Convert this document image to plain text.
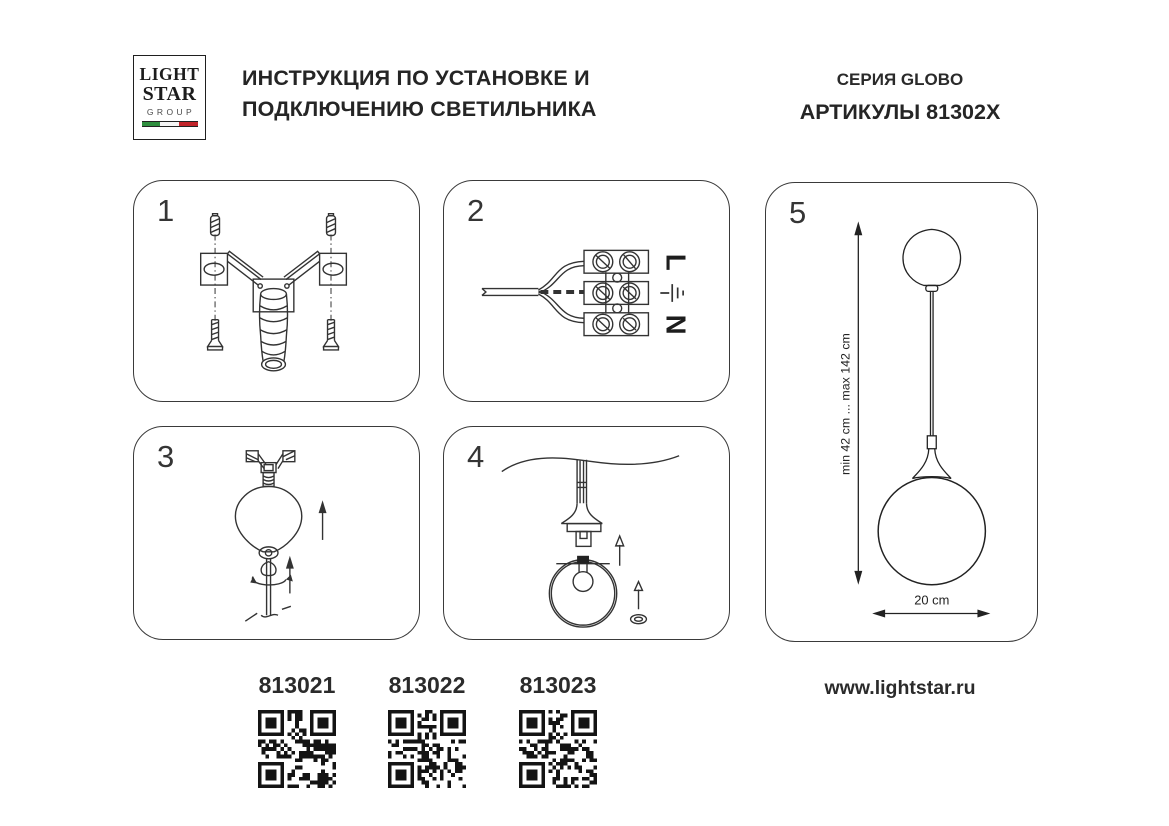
LIGHT
STAR
GROUP
ИНСТРУКЦИЯ ПО УСТАНОВКЕ И
ПОДКЛЮЧЕНИЮ СВЕТИЛЬНИКА
СЕРИЯ GLOBO
АРТИКУЛЫ 81302X
1	2
L
N
3	4
5
min 42 cm ... max 142 cm
20 cm
813021	813022	813023	www.lightstar.ru
